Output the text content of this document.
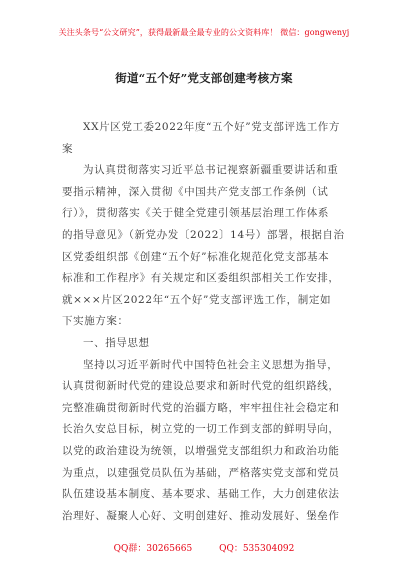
关注头条号“公文研究”，获得最新最全最专业的公文资料库！ 微信：gongwenyj
街道“五个好”党支部创建考核方案
XX片区党工委2022年度“五个好”党支部评选工作方
案
为认真贯彻落实习近平总书记视察新疆重要讲话和重
要指示精神，深入贯彻《中国共产党支部工作条例（试
行）》，贯彻落实《关于健全党建引领基层治理工作体系
的指导意见》（新党办发〔2022〕14号）部署，根据自治
区党委组织部《创建“五个好”标准化规范化党支部基本
标准和工作程序》有关规定和区委组织部相关工作安排，
就×××片区2022年“五个好”党支部评选工作，制定如
下实施方案：
一、指导思想
坚持以习近平新时代中国特色社会主义思想为指导，
认真贯彻新时代党的建设总要求和新时代党的组织路线，
完整准确贯彻新时代党的治疆方略，牢牢扭住社会稳定和
长治久安总目标，树立党的一切工作到支部的鲜明导向，
以党的政治建设为统领，以增强党支部组织力和政治功能
为重点，以建强党员队伍为基础，严格落实党支部和党员
队伍建设基本制度、基本要求、基础工作，大力创建依法
治理好、凝聚人心好、文明创建好、推动发展好、堡垒作
QQ群：30265665	QQ：535304092
